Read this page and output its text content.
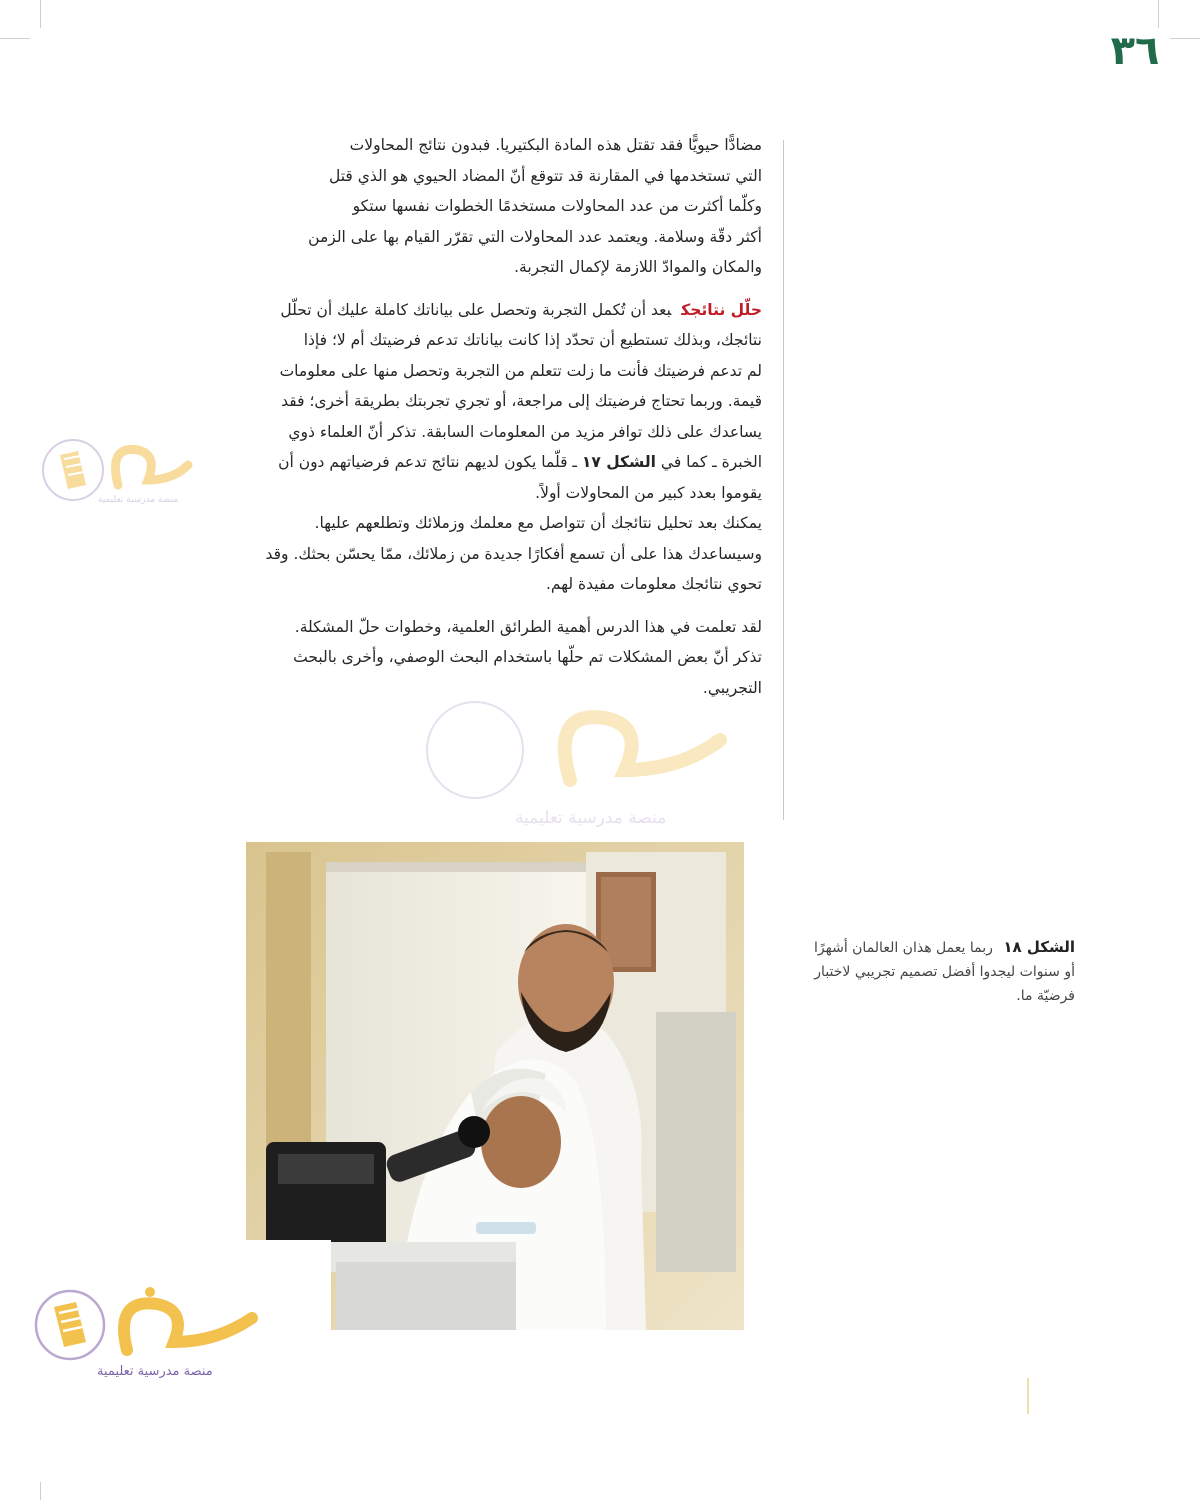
٣٦

مضادًّا حيويًّا فقد تقتل هذه المادة البكتيريا. فبدون نتائج المحاولات

التي تستخدمها في المقارنة قد تتوقع أنّ المضاد الحيوي هو الذي قتل

وكلّما أكثرت من عدد المحاولات مستخدمًا الخطوات نفسها ستكو

أكثر دقّة وسلامة. ويعتمد عدد المحاولات التي تقرّر القيام بها على الزمن

والمكان والموادّ اللازمة لإكمال التجربة.

حلّل نتائجكبعد أن تُكمل التجربة وتحصل على بياناتك كاملة عليك أن تحلّل

نتائجك، وبذلك تستطيع أن تحدّد إذا كانت بياناتك تدعم فرضيتك أم لا؛ فإذا

لم تدعم فرضيتك فأنت ما زلت تتعلم من التجربة وتحصل منها على معلومات

قيمة. وربما تحتاج فرضيتك إلى مراجعة، أو تجري تجربتك بطريقة أخرى؛ فقد

يساعدك على ذلك توافر مزيد من المعلومات السابقة. تذكر أنّ العلماء ذوي

الخبرة ـ كما في الشكل ١٧ ـ قلّما يكون لديهم نتائج تدعم فرضياتهم دون أن

يقوموا بعدد كبير من المحاولات أولاً.

يمكنك بعد تحليل نتائجك أن تتواصل مع معلمك وزملائك وتطلعهم عليها.

وسيساعدك هذا على أن تسمع أفكارًا جديدة من زملائك، ممّا يحسّن بحثك. وقد

تحوي نتائجك معلومات مفيدة لهم.

لقد تعلمت في هذا الدرس أهمية الطرائق العلمية، وخطوات حلّ المشكلة.

تذكر أنّ بعض المشكلات تم حلّها باستخدام البحث الوصفي، وأخرى بالبحث

التجريبي.

الشكل ١٨ ربما يعمل هذان العالمان أشهرًا أو سنوات ليجدوا أفضل تصميم تجريبي لاختبار فرضيّة ما.
منصة مدرسية تعليمية
منصة مدرسية تعليمية
منصة مدرسية تعليمية
